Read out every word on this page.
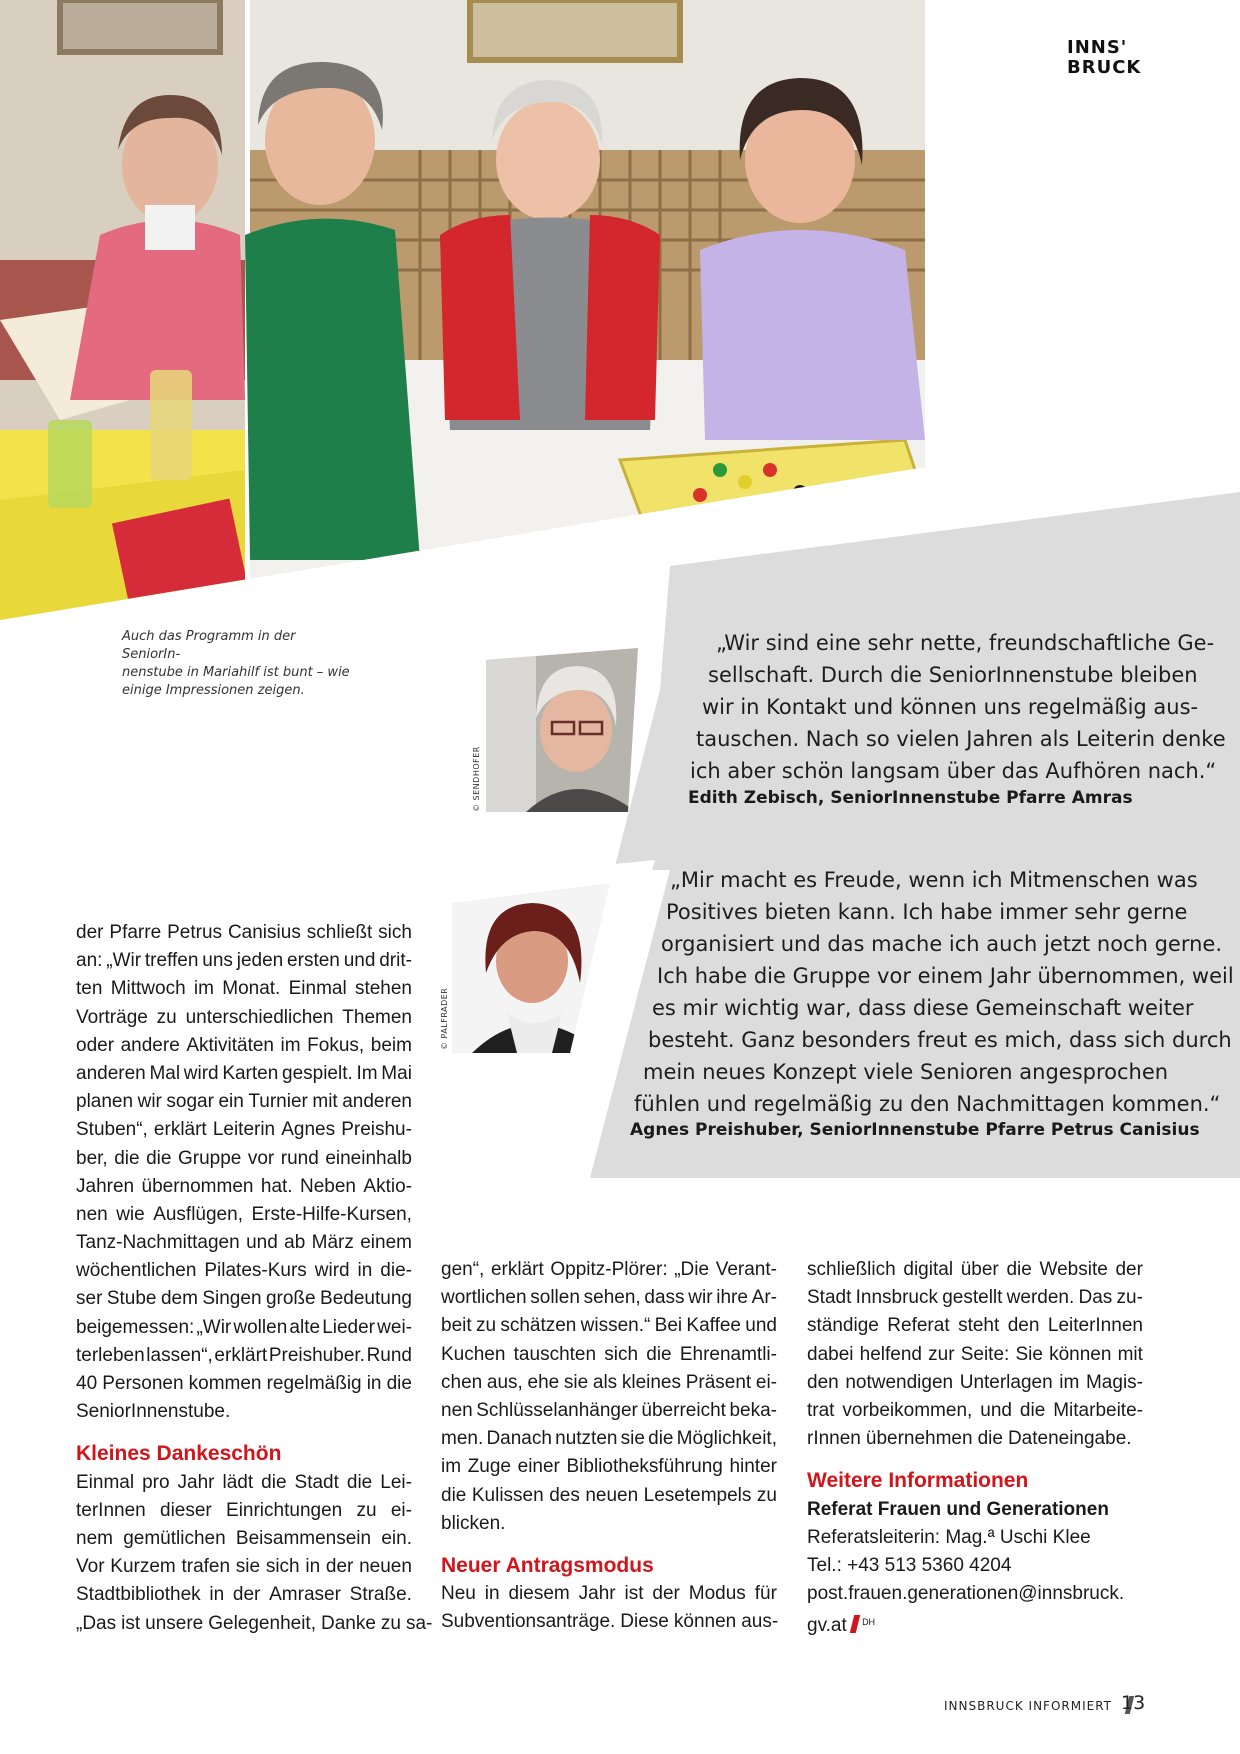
INNS'
BRUCK
Auch das Programm in der SeniorIn-
nenstube in Mariahilf ist bunt – wie
einige Impressionen zeigen.
© SENDHOFER
© PALFRADER
„Wir sind eine sehr nette, freundschaftliche Ge-
sellschaft. Durch die SeniorInnenstube bleiben
wir in Kontakt und können uns regelmäßig aus-
tauschen. Nach so vielen Jahren als Leiterin denke
ich aber schön langsam über das Aufhören nach.“
Edith Zebisch, SeniorInnenstube Pfarre Amras
„Mir macht es Freude, wenn ich Mitmenschen was
Positives bieten kann. Ich habe immer sehr gerne
organisiert und das mache ich auch jetzt noch gerne.
Ich habe die Gruppe vor einem Jahr übernommen, weil
es mir wichtig war, dass diese Gemeinschaft weiter
besteht. Ganz besonders freut es mich, dass sich durch
mein neues Konzept viele Senioren angesprochen
fühlen und regelmäßig zu den Nachmittagen kommen.“
Agnes Preishuber, SeniorInnenstube Pfarre Petrus Canisius
der Pfarre Petrus Canisius schließt sich
an: „Wir treffen uns jeden ersten und drit-
ten Mittwoch im Monat. Einmal stehen
Vorträge zu unterschiedlichen Themen
oder andere Aktivitäten im Fokus, beim
anderen Mal wird Karten gespielt. Im Mai
planen wir sogar ein Turnier mit anderen
Stuben“, erklärt Leiterin Agnes Preishu-
ber, die die Gruppe vor rund eineinhalb
Jahren übernommen hat. Neben Aktio-
nen wie Ausflügen, Erste-Hilfe-Kursen,
Tanz-Nachmittagen und ab März einem
wöchentlichen Pilates-Kurs wird in die-
ser Stube dem Singen große Bedeutung
beigemessen: „Wir wollen alte Lieder wei-
terleben lassen“, erklärt Preishuber. Rund
40 Personen kommen regelmäßig in die
SeniorInnenstube.
Kleines Dankeschön
Einmal pro Jahr lädt die Stadt die Lei-
terInnen dieser Einrichtungen zu ei-
nem gemütlichen Beisammensein ein.
Vor Kurzem trafen sie sich in der neuen
Stadtbibliothek in der Amraser Straße.
„Das ist unsere Gelegenheit, Danke zu sa-
gen“, erklärt Oppitz-Plörer: „Die Verant-
wortlichen sollen sehen, dass wir ihre Ar-
beit zu schätzen wissen.“ Bei Kaffee und
Kuchen tauschten sich die Ehrenamtli-
chen aus, ehe sie als kleines Präsent ei-
nen Schlüsselanhänger überreicht beka-
men. Danach nutzten sie die Möglichkeit,
im Zuge einer Bibliotheksführung hinter
die Kulissen des neuen Lesetempels zu
blicken.
Neuer Antragsmodus
Neu in diesem Jahr ist der Modus für
Subventionsanträge. Diese können aus-
schließlich digital über die Website der
Stadt Innsbruck gestellt werden. Das zu-
ständige Referat steht den LeiterInnen
dabei helfend zur Seite: Sie können mit
den notwendigen Unterlagen im Magis-
trat vorbeikommen, und die Mitarbeite-
rInnen übernehmen die Dateneingabe.
Weitere Informationen
Referat Frauen und Generationen
Referatsleiterin: Mag.ª Uschi Klee
Tel.: +43 513 5360 4204
post.frauen.generationen@innsbruck.
gv.at $^{DH}$
INNSBRUCK INFORMIERT 13
